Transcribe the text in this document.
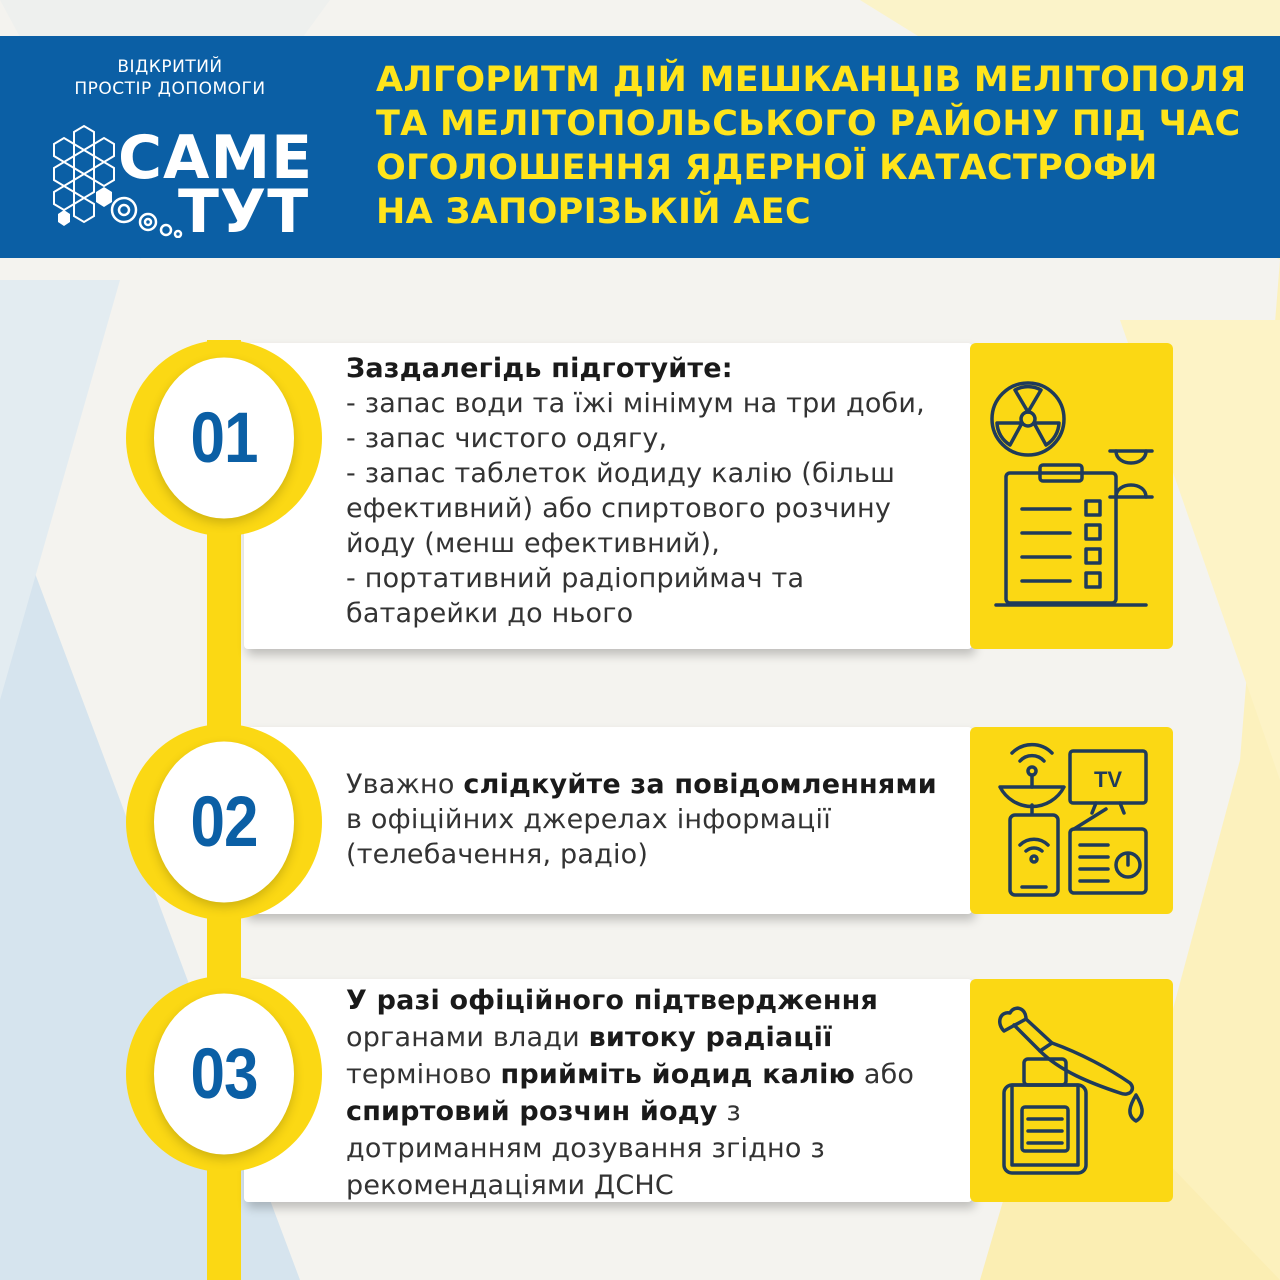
ВІДКРИТИЙ
ПРОСТІР ДОПОМОГИ
САМЕ
ТУТ
АЛГОРИТМ ДІЙ МЕШКАНЦІВ МЕЛІТОПОЛЯ
ТА МЕЛІТОПОЛЬСЬКОГО РАЙОНУ ПІД ЧАС
ОГОЛОШЕННЯ ЯДЕРНОЇ КАТАСТРОФИ
НА ЗАПОРІЗЬКІЙ АЕС
Заздалегідь підготуйте:
- запас води та їжі мінімум на три доби,
- запас чистого одягу,
- запас таблеток йодиду калію (більш
ефективний) або спиртового розчину
йоду (менш ефективний),
- портативний радіоприймач та
батарейки до нього
01
Уважно слідкуйте за повідомленнями
в офіційних джерелах інформації
(телебачення, радіо)
TV
02
У разі офіційного підтвердження
органами влади витоку радіації
терміново прийміть йодид калію або
спиртовий розчин йоду з
дотриманням дозування згідно з
рекомендаціями ДСНС
03
